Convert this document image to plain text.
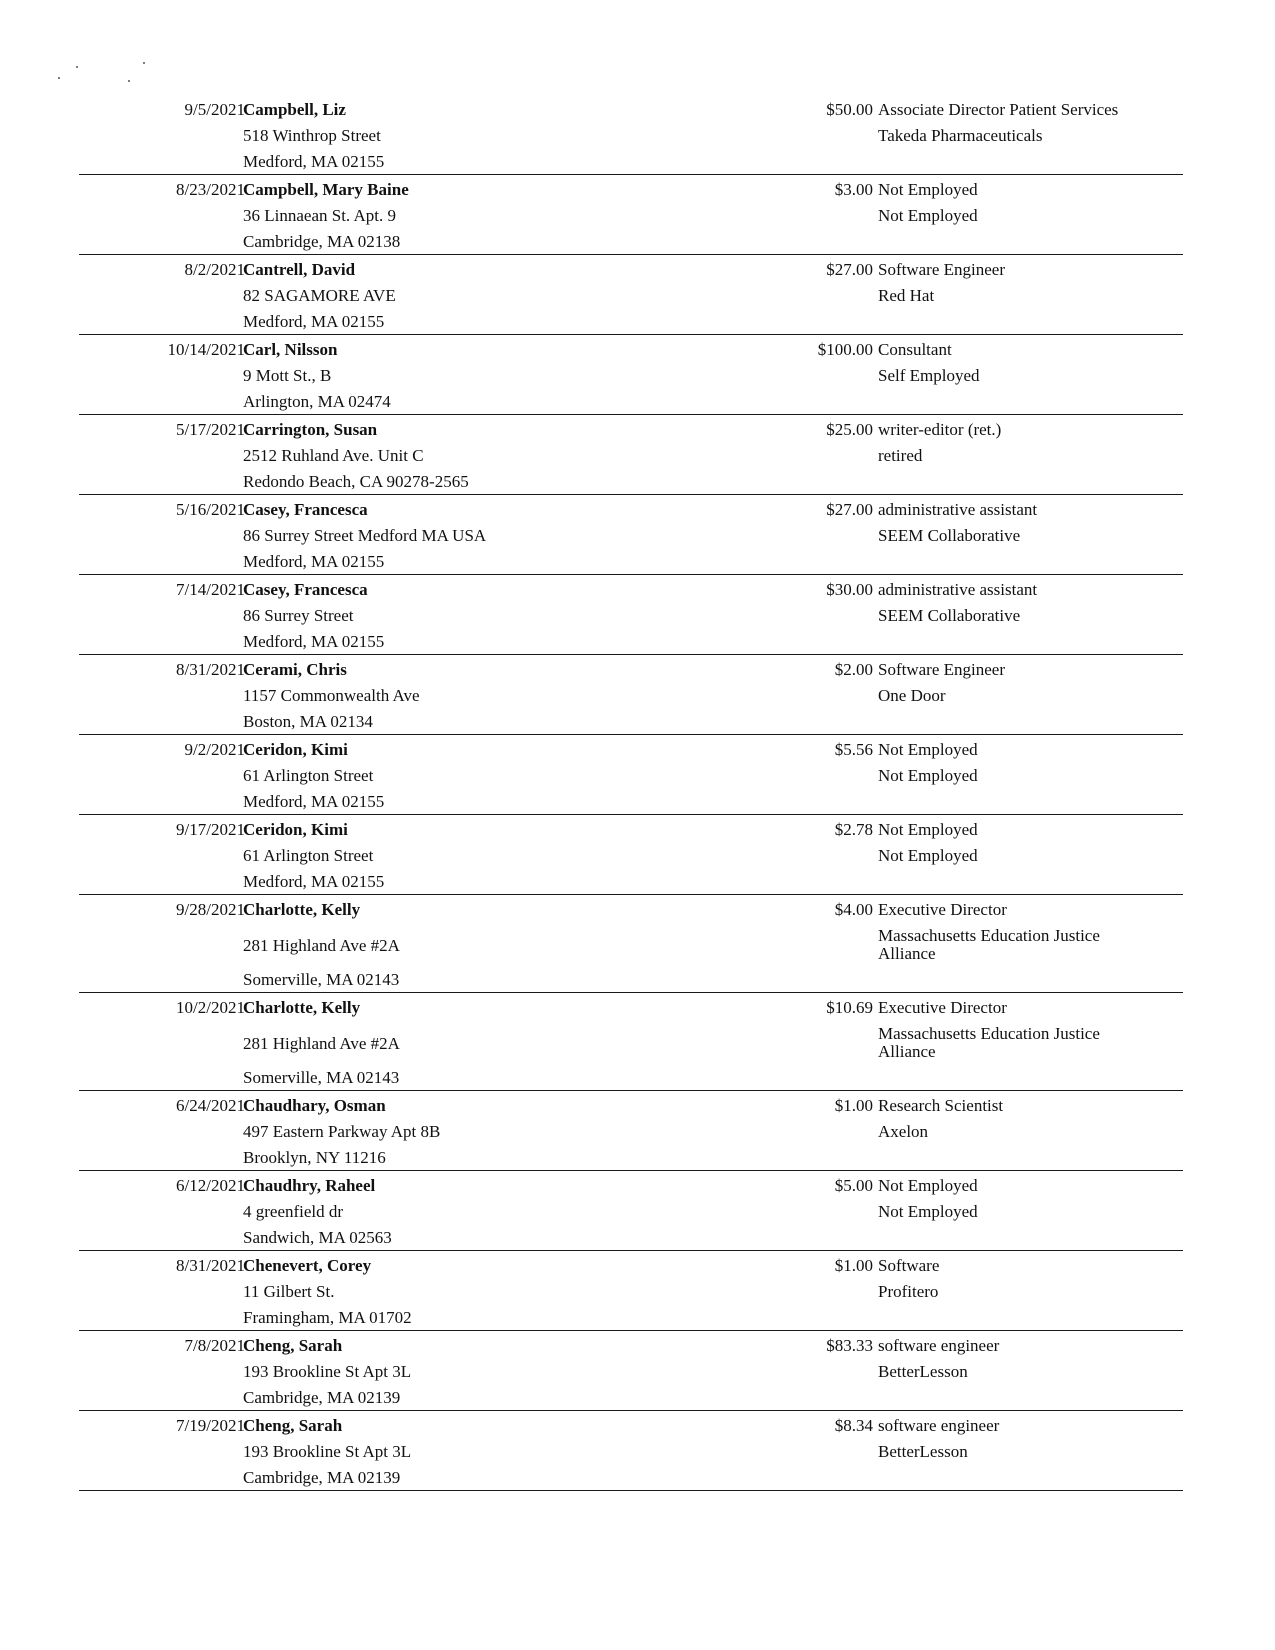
9/5/2021
Campbell, Liz
518 Winthrop Street
Medford, MA 02155
$50.00 Associate Director Patient Services
Takeda Pharmaceuticals
8/23/2021
Campbell, Mary Baine
36 Linnaean St. Apt. 9
Cambridge, MA 02138
$3.00 Not Employed
Not Employed
8/2/2021
Cantrell, David
82 SAGAMORE AVE
Medford, MA 02155
$27.00 Software Engineer
Red Hat
10/14/2021
Carl, Nilsson
9 Mott St., B
Arlington, MA 02474
$100.00 Consultant
Self Employed
5/17/2021
Carrington, Susan
2512 Ruhland Ave. Unit C
Redondo Beach, CA 90278-2565
$25.00 writer-editor (ret.)
retired
5/16/2021
Casey, Francesca
86 Surrey Street Medford MA USA
Medford, MA 02155
$27.00 administrative assistant
SEEM Collaborative
7/14/2021
Casey, Francesca
86 Surrey Street
Medford, MA 02155
$30.00 administrative assistant
SEEM Collaborative
8/31/2021
Cerami, Chris
1157 Commonwealth Ave
Boston, MA 02134
$2.00 Software Engineer
One Door
9/2/2021
Ceridon, Kimi
61 Arlington Street
Medford, MA 02155
$5.56 Not Employed
Not Employed
9/17/2021
Ceridon, Kimi
61 Arlington Street
Medford, MA 02155
$2.78 Not Employed
Not Employed
9/28/2021
Charlotte, Kelly
281 Highland Ave #2A
Somerville, MA 02143
$4.00 Executive Director
Massachusetts Education Justice Alliance
10/2/2021
Charlotte, Kelly
281 Highland Ave #2A
Somerville, MA 02143
$10.69 Executive Director
Massachusetts Education Justice Alliance
6/24/2021
Chaudhary, Osman
497 Eastern Parkway Apt 8B
Brooklyn, NY 11216
$1.00 Research Scientist
Axelon
6/12/2021
Chaudhry, Raheel
4 greenfield dr
Sandwich, MA 02563
$5.00 Not Employed
Not Employed
8/31/2021
Chenevert, Corey
11 Gilbert St.
Framingham, MA 01702
$1.00 Software
Profitero
7/8/2021
Cheng, Sarah
193 Brookline St Apt 3L
Cambridge, MA 02139
$83.33 software engineer
BetterLesson
7/19/2021
Cheng, Sarah
193 Brookline St Apt 3L
Cambridge, MA 02139
$8.34 software engineer
BetterLesson
